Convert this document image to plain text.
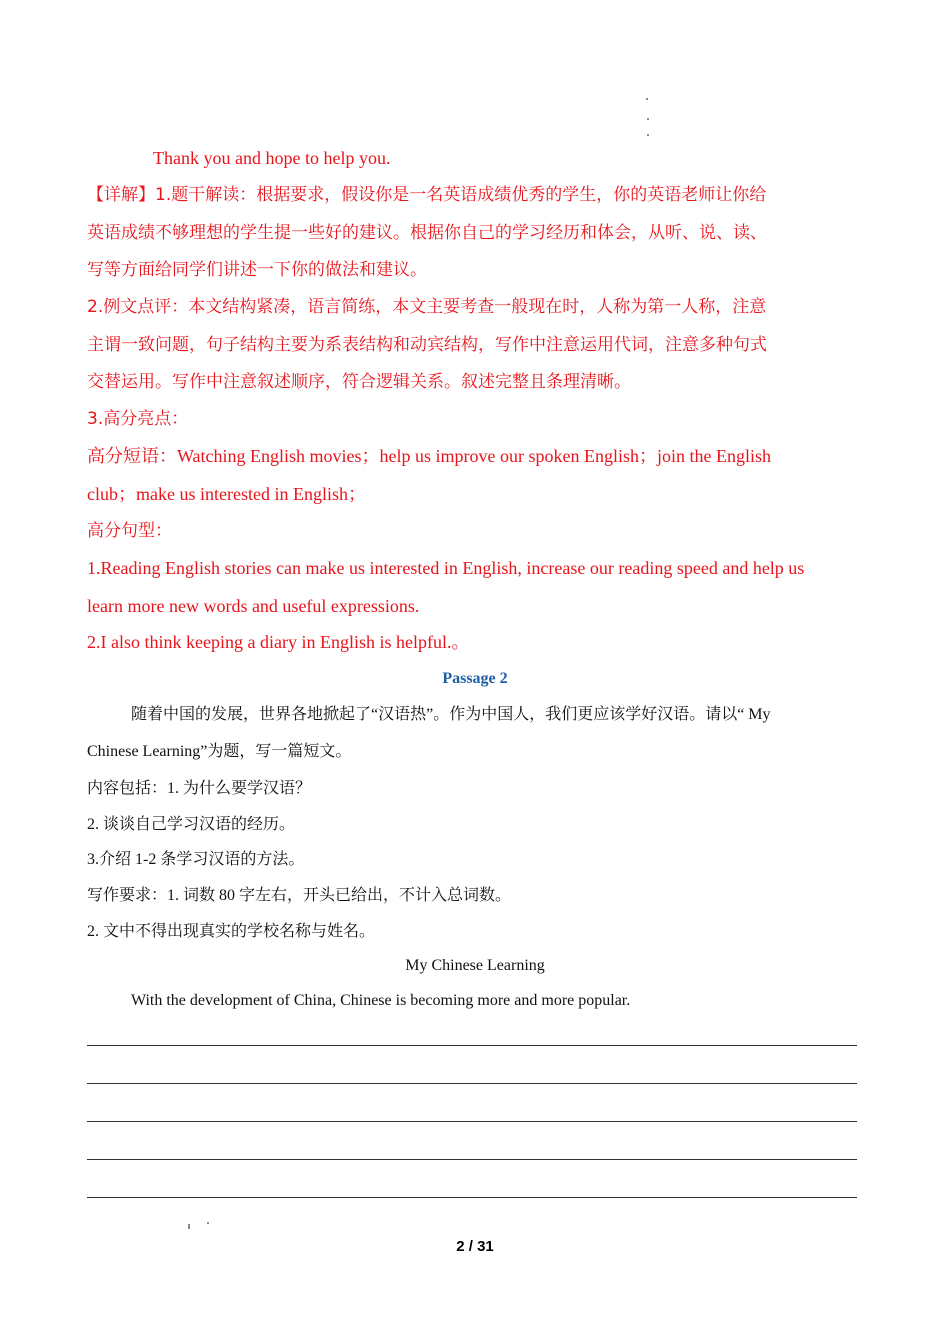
Thank you and hope to help you.
【详解】1.题干解读：根据要求，假设你是一名英语成绩优秀的学生，你的英语老师让你给
英语成绩不够理想的学生提一些好的建议。根据你自己的学习经历和体会，从听、说、读、
写等方面给同学们讲述一下你的做法和建议。
2.例文点评：本文结构紧凑，语言简练，本文主要考查一般现在时，人称为第一人称，注意
主谓一致问题，句子结构主要为系表结构和动宾结构，写作中注意运用代词，注意多种句式
交替运用。写作中注意叙述顺序，符合逻辑关系。叙述完整且条理清晰。
3.高分亮点：
高分短语：Watching English movies；help us improve our spoken English；join the English
club；make us interested in English；
高分句型：
1.Reading English stories can make us interested in English, increase our reading speed and help us
learn more new words and useful expressions.
2.I also think keeping a diary in English is helpful.。
Passage 2
随着中国的发展，世界各地掀起了“汉语热”。作为中国人，我们更应该学好汉语。请以“ My
Chinese Learning”为题，写一篇短文。
内容包括：1. 为什么要学汉语？
2. 谈谈自己学习汉语的经历。
3.介绍 1-2 条学习汉语的方法。
写作要求：1. 词数 80 字左右，开头已给出，不计入总词数。
2. 文中不得出现真实的学校名称与姓名。
My Chinese Learning
With the development of China, Chinese is becoming more and more popular.
2 / 31
